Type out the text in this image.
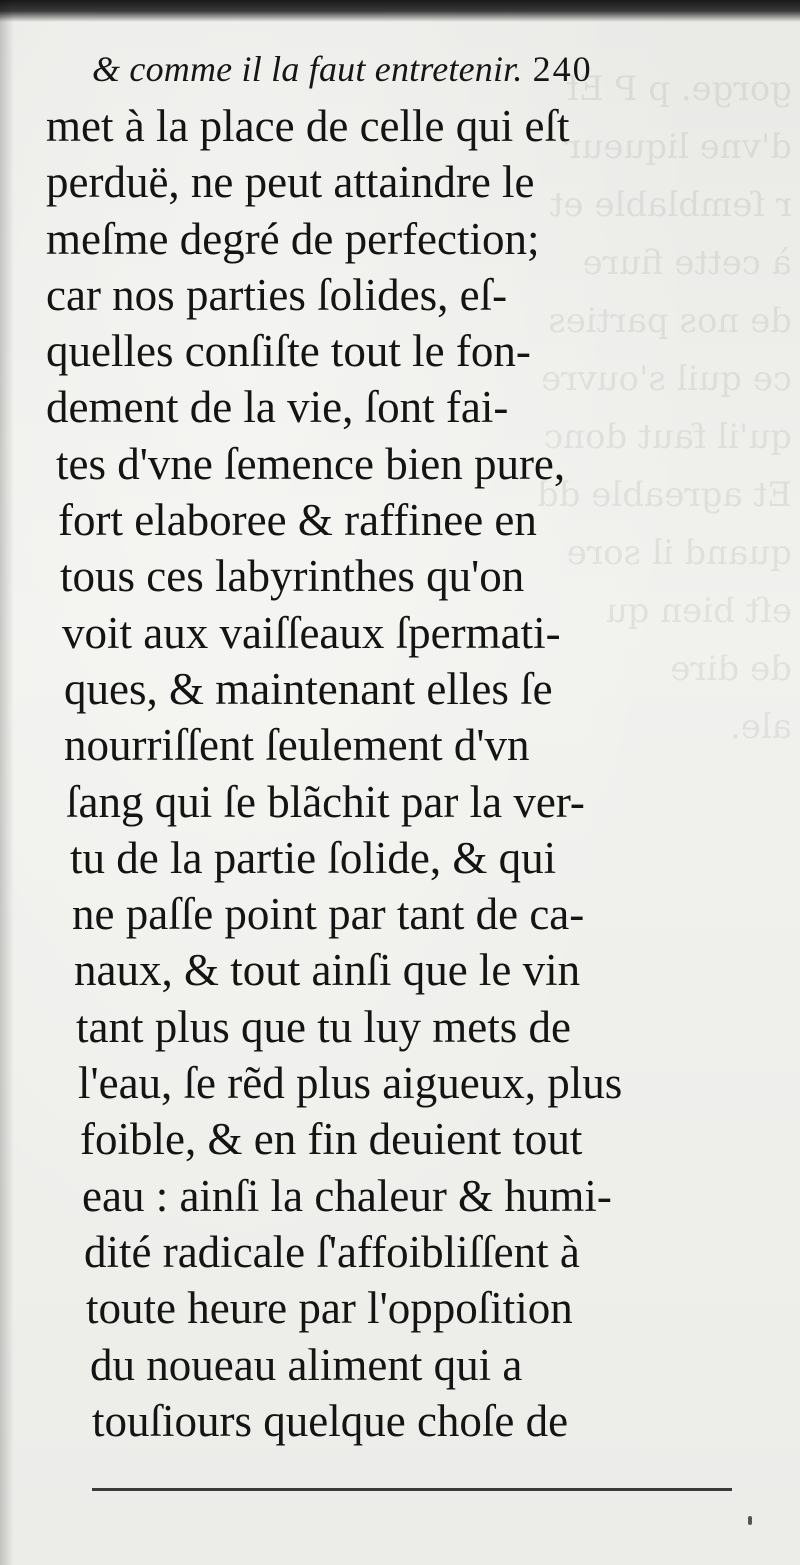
gorge. p P Ef
d'vne liqueur
r ſemblable et
à cette fiure
de nos parties
ce quil s'ouvre
qu'il faut donc
Et agreable dd
quand il sore
eſt bien qu
de dire
ale.
& comme il la faut entretenir. 240
met à la place de celle qui eſt
perduë, ne peut attaindre le
meſme degré de perfection;
car nos parties ſolides, eſ-
quelles conſiſte tout le fon-
dement de la vie, ſont fai-
tes d'vne ſemence bien pure,
fort elaboree & raffinee en
tous ces labyrinthes qu'on
voit aux vaiſſeaux ſpermati-
ques, & maintenant elles ſe
nourriſſent ſeulement d'vn
ſang qui ſe blãchit par la ver-
tu de la partie ſolide, & qui
ne paſſe point par tant de ca-
naux, & tout ainſi que le vin
tant plus que tu luy mets de
l'eau, ſe rẽd plus aigueux, plus
foible, & en fin deuient tout
eau : ainſi la chaleur & humi-
dité radicale ſ'affoibliſſent à
toute heure par l'oppoſition
du noueau aliment qui a
touſiours quelque choſe de
